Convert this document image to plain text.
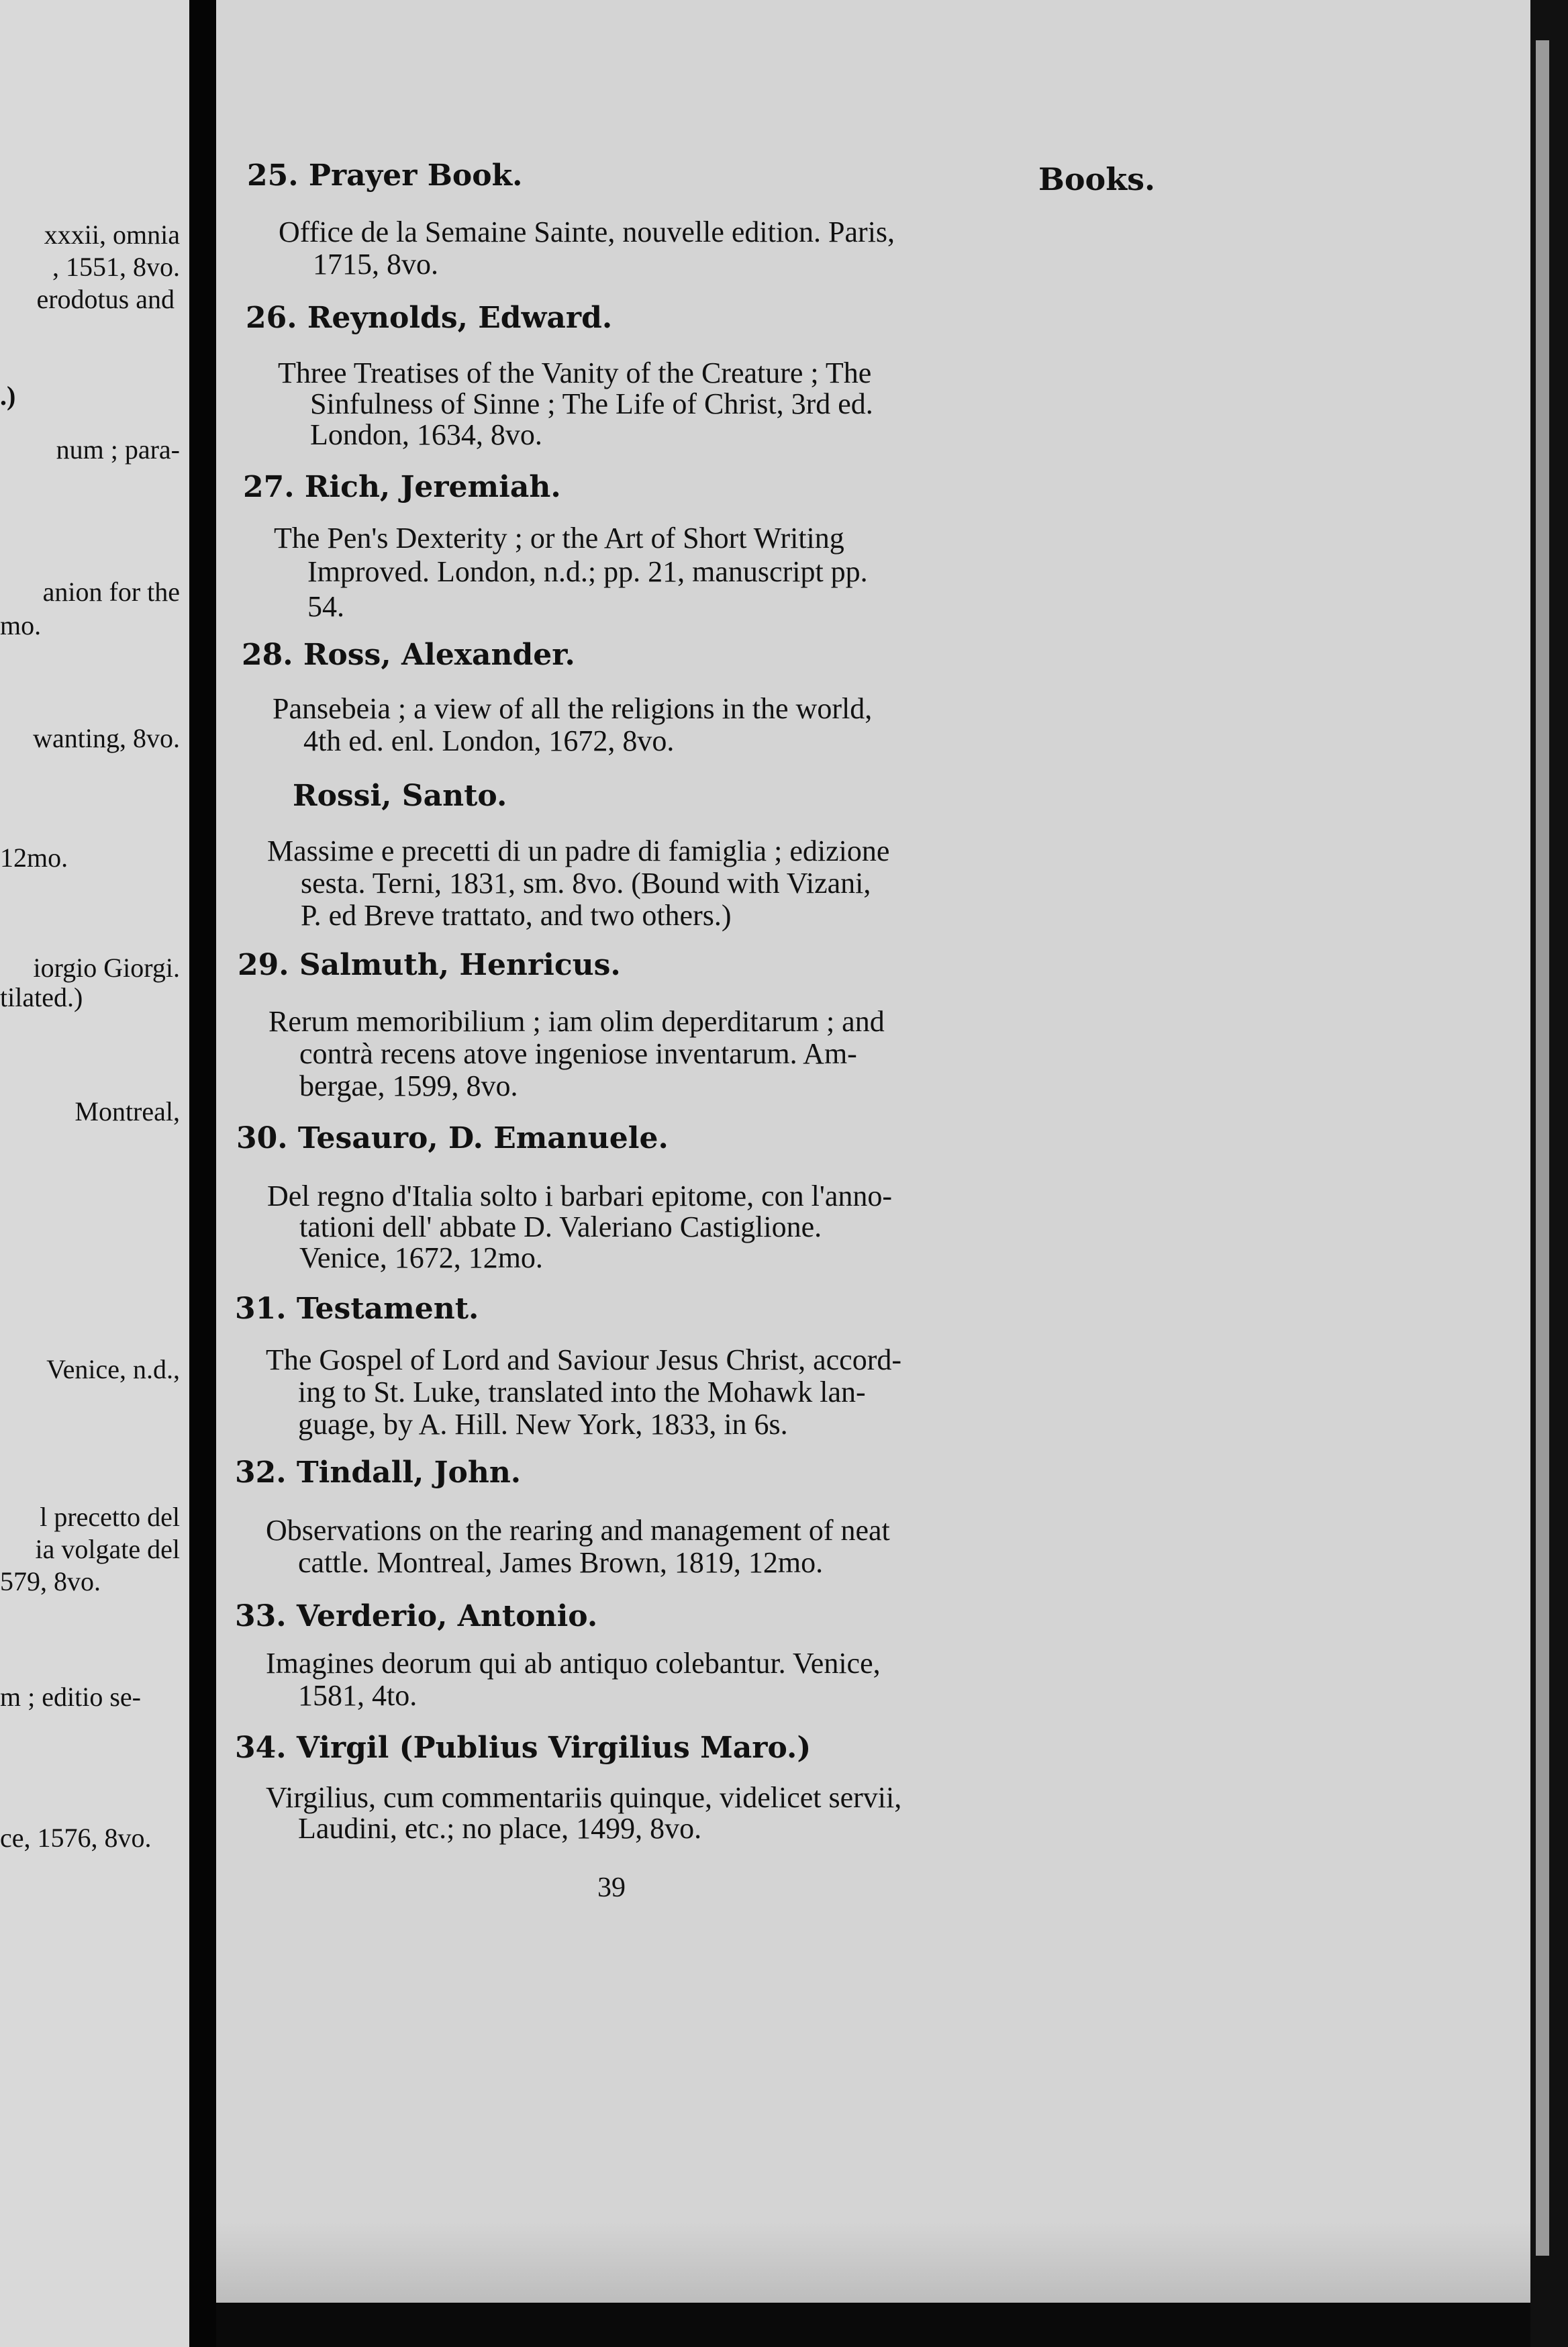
xxxii, omnia
, 1551, 8vo.
erodotus and
.)
num ; para-
anion for the
mo.
wanting, 8vo.
12mo.
iorgio Giorgi.
tilated.)
Montreal,
Venice, n.d.,
l precetto del
ia volgate del
579, 8vo.
m ; editio se-
ce, 1576, 8vo.
Books.
25. Prayer Book.
Office de la Semaine Sainte, nouvelle edition. Paris,
1715, 8vo.
26. Reynolds, Edward.
Three Treatises of the Vanity of the Creature ; The
Sinfulness of Sinne ; The Life of Christ, 3rd ed.
London, 1634, 8vo.
27. Rich, Jeremiah.
The Pen's Dexterity ; or the Art of Short Writing
Improved. London, n.d.; pp. 21, manuscript pp.
54.
28. Ross, Alexander.
Pansebeia ; a view of all the religions in the world,
4th ed. enl. London, 1672, 8vo.
Rossi, Santo.
Massime e precetti di un padre di famiglia ; edizione
sesta. Terni, 1831, sm. 8vo. (Bound with Vizani,
P. ed Breve trattato, and two others.)
29. Salmuth, Henricus.
Rerum memoribilium ; iam olim deperditarum ; and
contrà recens atove ingeniose inventarum. Am-
bergae, 1599, 8vo.
30. Tesauro, D. Emanuele.
Del regno d'Italia solto i barbari epitome, con l'anno-
tationi dell' abbate D. Valeriano Castiglione.
Venice, 1672, 12mo.
31. Testament.
The Gospel of Lord and Saviour Jesus Christ, accord-
ing to St. Luke, translated into the Mohawk lan-
guage, by A. Hill. New York, 1833, in 6s.
32. Tindall, John.
Observations on the rearing and management of neat
cattle. Montreal, James Brown, 1819, 12mo.
33. Verderio, Antonio.
Imagines deorum qui ab antiquo colebantur. Venice,
1581, 4to.
34. Virgil (Publius Virgilius Maro.)
Virgilius, cum commentariis quinque, videlicet servii,
Laudini, etc.; no place, 1499, 8vo.
39
